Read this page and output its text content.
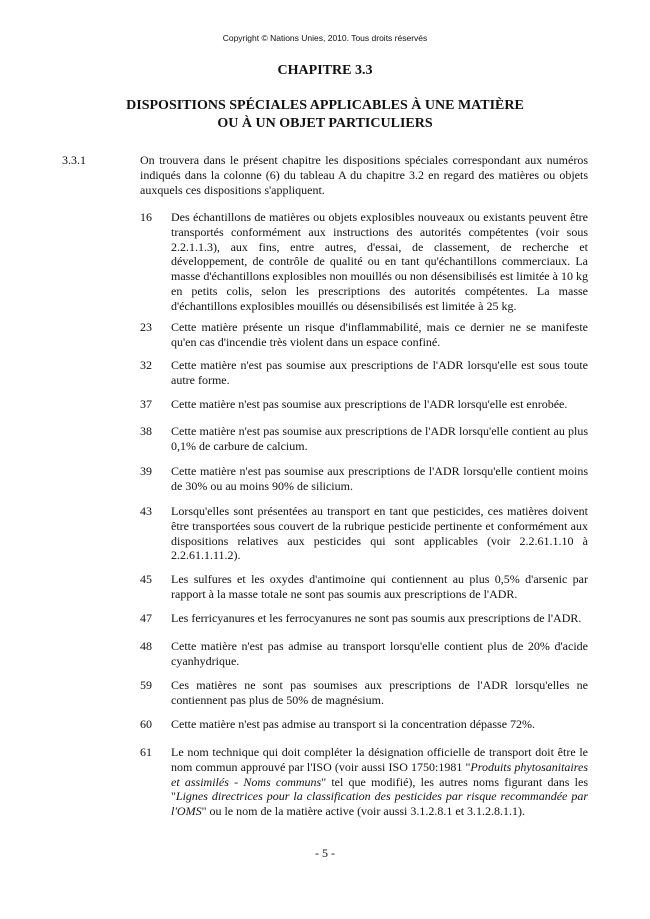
Copyright © Nations Unies, 2010. Tous droits réservés
CHAPITRE 3.3
DISPOSITIONS SPÉCIALES APPLICABLES À UNE MATIÈRE
OU À UN OBJET PARTICULIERS
3.3.1	On trouvera dans le présent chapitre les dispositions spéciales correspondant aux numéros indiqués dans la colonne (6) du tableau A du chapitre 3.2 en regard des matières ou objets auxquels ces dispositions s'appliquent.
16	Des échantillons de matières ou objets explosibles nouveaux ou existants peuvent être transportés conformément aux instructions des autorités compétentes (voir sous 2.2.1.1.3), aux fins, entre autres, d'essai, de classement, de recherche et développement, de contrôle de qualité ou en tant qu'échantillons commerciaux. La masse d'échantillons explosibles non mouillés ou non désensibilisés est limitée à 10 kg en petits colis, selon les prescriptions des autorités compétentes. La masse d'échantillons explosibles mouillés ou désensibilisés est limitée à 25 kg.
23	Cette matière présente un risque d'inflammabilité, mais ce dernier ne se manifeste qu'en cas d'incendie très violent dans un espace confiné.
32	Cette matière n'est pas soumise aux prescriptions de l'ADR lorsqu'elle est sous toute autre forme.
37	Cette matière n'est pas soumise aux prescriptions de l'ADR lorsqu'elle est enrobée.
38	Cette matière n'est pas soumise aux prescriptions de l'ADR lorsqu'elle contient au plus 0,1% de carbure de calcium.
39	Cette matière n'est pas soumise aux prescriptions de l'ADR lorsqu'elle contient moins de 30% ou au moins 90% de silicium.
43	Lorsqu'elles sont présentées au transport en tant que pesticides, ces matières doivent être transportées sous couvert de la rubrique pesticide pertinente et conformément aux dispositions relatives aux pesticides qui sont applicables (voir 2.2.61.1.10 à 2.2.61.1.11.2).
45	Les sulfures et les oxydes d'antimoine qui contiennent au plus 0,5% d'arsenic par rapport à la masse totale ne sont pas soumis aux prescriptions de l'ADR.
47	Les ferricyanures et les ferrocyanures ne sont pas soumis aux prescriptions de l'ADR.
48	Cette matière n'est pas admise au transport lorsqu'elle contient plus de 20% d'acide cyanhydrique.
59	Ces matières ne sont pas soumises aux prescriptions de l'ADR lorsqu'elles ne contiennent pas plus de 50% de magnésium.
60	Cette matière n'est pas admise au transport si la concentration dépasse 72%.
61	Le nom technique qui doit compléter la désignation officielle de transport doit être le nom commun approuvé par l'ISO (voir aussi ISO 1750:1981 "Produits phytosanitaires et assimilés - Noms communs" tel que modifié), les autres noms figurant dans les "Lignes directrices pour la classification des pesticides par risque recommandée par l'OMS" ou le nom de la matière active (voir aussi 3.1.2.8.1 et 3.1.2.8.1.1).
- 5 -
